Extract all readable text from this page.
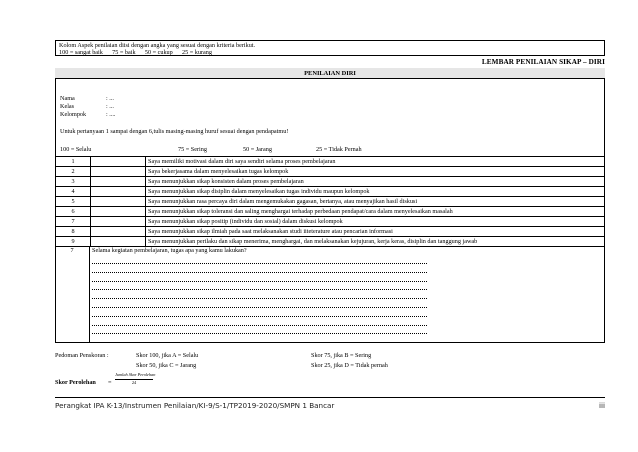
Kolom Aspek penilaian diisi dengan angka yang sesuai dengan kriteria berikut.
100 = sangat baik      75 = baik      50 = cukup      25 = kurang
LEMBAR PENILAIAN SIKAP – DIRI
PENILAIAN DIRI
Nama	: ...
Kelas	: ...
Kelompok	: ....
Untuk pertanyaan 1 sampai dengan 6,tulis masing-masing huruf sesuai dengan pendapatmu!
100 = Selalu	75 = Sering	50 = Jarang	25 = Tidak Pernah
1		Saya memiliki motivasi dalam diri saya sendiri selama proses pembelajaran
2		Saya bekerjasama dalam menyelesaikan tugas kelompok
3		Saya menunjukkan sikap konsisten dalam proses pembelajaran
4		Saya menunjukkan sikap disiplin dalam menyelesaikan tugas individu maupun kelompok
5		Saya menunjukkan rasa percaya diri dalam mengemukakan gagasan, bertanya, atau menyajikan hasil diskusi
6		Saya menunjukkan sikap toleransi dan saling menghargai terhadap perbedaan pendapat/cara dalam menyelesaikan masalah
7		Saya menunjukkan sikap positip (individu dan sosial) dalam diskusi kelompok
8		Saya menunjukkan sikap ilmiah pada saat melaksanakan studi iiteterature atau pencarian informasi
9		Saya menunjukkan perilaku dan sikap menerima, menghargai, dan melaksanakan kejujuran, kerja keras, disiplin dan tanggung jawab
7	Selama kegiatan pembelajaran, tugas apa yang kamu lakukan?
Pedoman Penskoran :	Skor 100, jika A = Selalu	Skor 75, jika B = Sering
Skor 50, jika C = Jarang	Skor 25, jika D = Tidak pernah
Skor Perolehan =
Jumlah Skor Perolehan
24
Perangkat IPA K-13/Instrumen Penilaian/KI-9/S-1/TP2019-2020/SMPN 1 Bancar	iii
